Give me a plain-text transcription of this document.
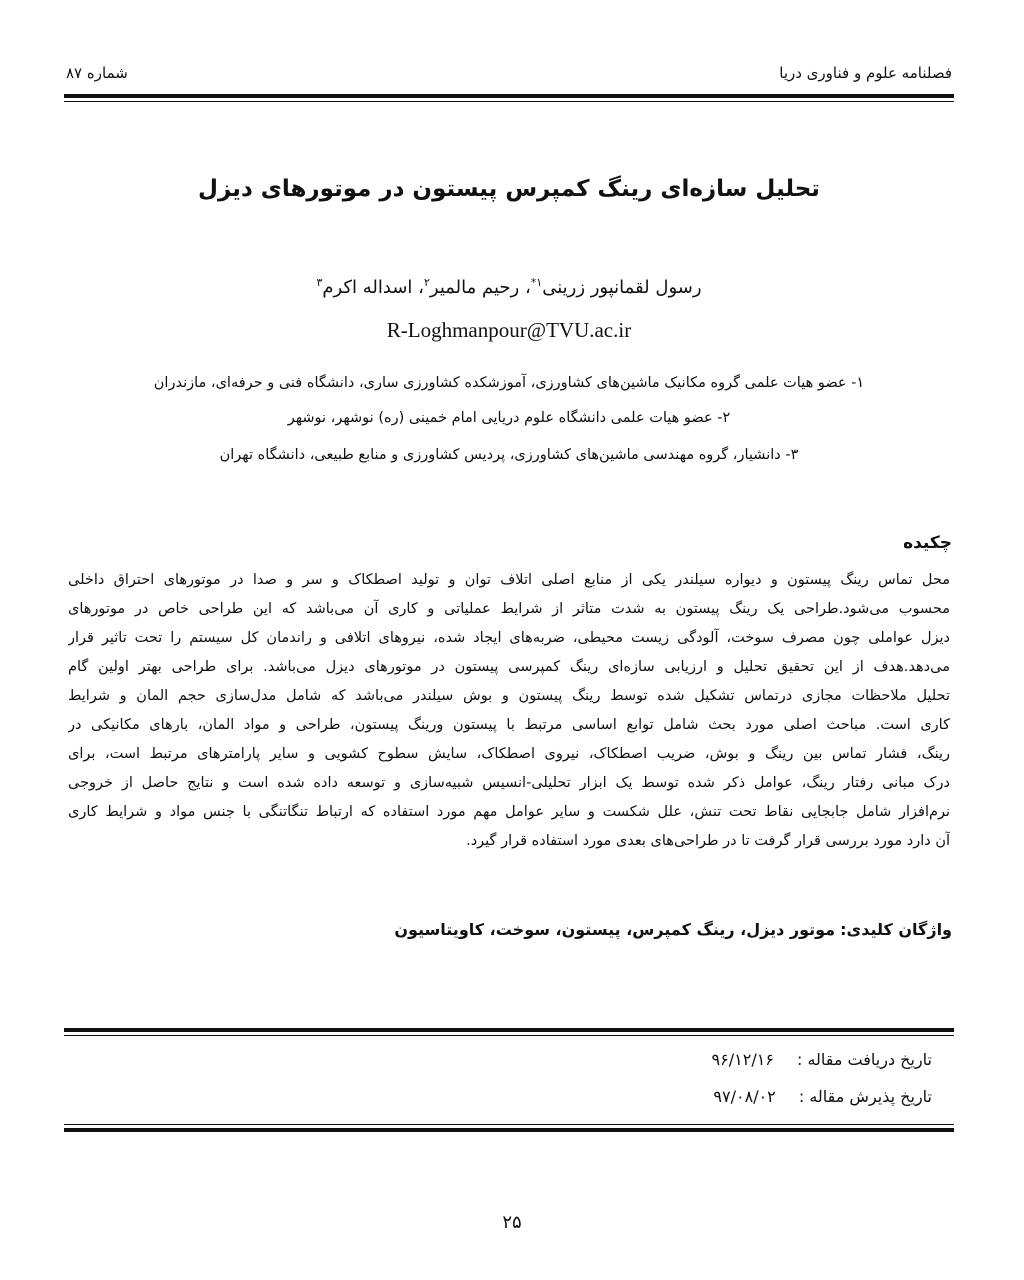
فصلنامه علوم و فناوری دریا
شماره ۸۷
تحلیل سازه‌ای رینگ کمپرس پیستون در موتورهای دیزل
رسول لقمانپور زرینی$^{۱*}$، رحیم مالمیر$^۲$، اسداله اکرم$^۳$
R-Loghmanpour@TVU.ac.ir
۱- عضو هیات علمی گروه مکانیک ماشین‌های کشاورزی، آموزشکده کشاورزی ساری، دانشگاه فنی و حرفه‌ای، مازندران
۲- عضو هیات علمی دانشگاه علوم دریایی امام خمینی (ره) نوشهر، نوشهر
۳- دانشیار، گروه مهندسی ماشین‌های کشاورزی، پردیس کشاورزی و منابع طبیعی، دانشگاه تهران
چکیده
محل تماس رینگ پیستون و دیواره سیلندر یکی از منابع اصلی اتلاف توان و تولید اصطکاک و سر و صدا در موتورهای احتراق داخلی
محسوب می‌شود.طراحی یک رینگ پیستون به شدت متاثر از شرایط عملیاتی و کاری آن می‌باشد که این طراحی خاص در موتورهای
دیزل عواملی چون مصرف سوخت، آلودگی زیست محیطی، ضربه‌های ایجاد شده، نیروهای اتلافی و راندمان کل سیستم را تحت تاثیر قرار
می‌دهد.هدف از این تحقیق تحلیل و ارزیابی سازه‌ای رینگ کمپرسی پیستون در موتورهای دیزل می‌باشد. برای طراحی بهتر اولین گام
تحلیل ملاحظات مجازی درتماس تشکیل شده توسط رینگ پیستون و بوش سیلندر می‌باشد که شامل مدل‌سازی حجم المان و شرایط
کاری است. مباحث اصلی مورد بحث شامل توابع اساسی مرتبط با پیستون ورینگ پیستون، طراحی و مواد المان، بارهای مکانیکی در
رینگ، فشار تماس بین رینگ و بوش، ضریب اصطکاک، نیروی اصطکاک، سایش سطوح کشویی و سایر پارامترهای مرتبط است، برای
درک مبانی رفتار رینگ، عوامل ذکر شده توسط یک ابزار تحلیلی-انسیس شبیه‌سازی و توسعه داده شده است و نتایج حاصل از خروجی
نرم‌افزار شامل جابجایی نقاط تحت تنش، علل شکست و سایر عوامل مهم مورد استفاده که ارتباط تنگاتنگی با جنس مواد و شرایط کاری
آن دارد مورد بررسی قرار گرفت تا در طراحی‌های بعدی مورد استفاده قرار گیرد.
واژگان کلیدی: موتور دیزل، رینگ کمپرس، پیستون، سوخت، کاویتاسیون
تاریخ دریافت مقاله : ۹۶/۱۲/۱۶
تاریخ پذیرش مقاله : ۹۷/۰۸/۰۲
۲۵
